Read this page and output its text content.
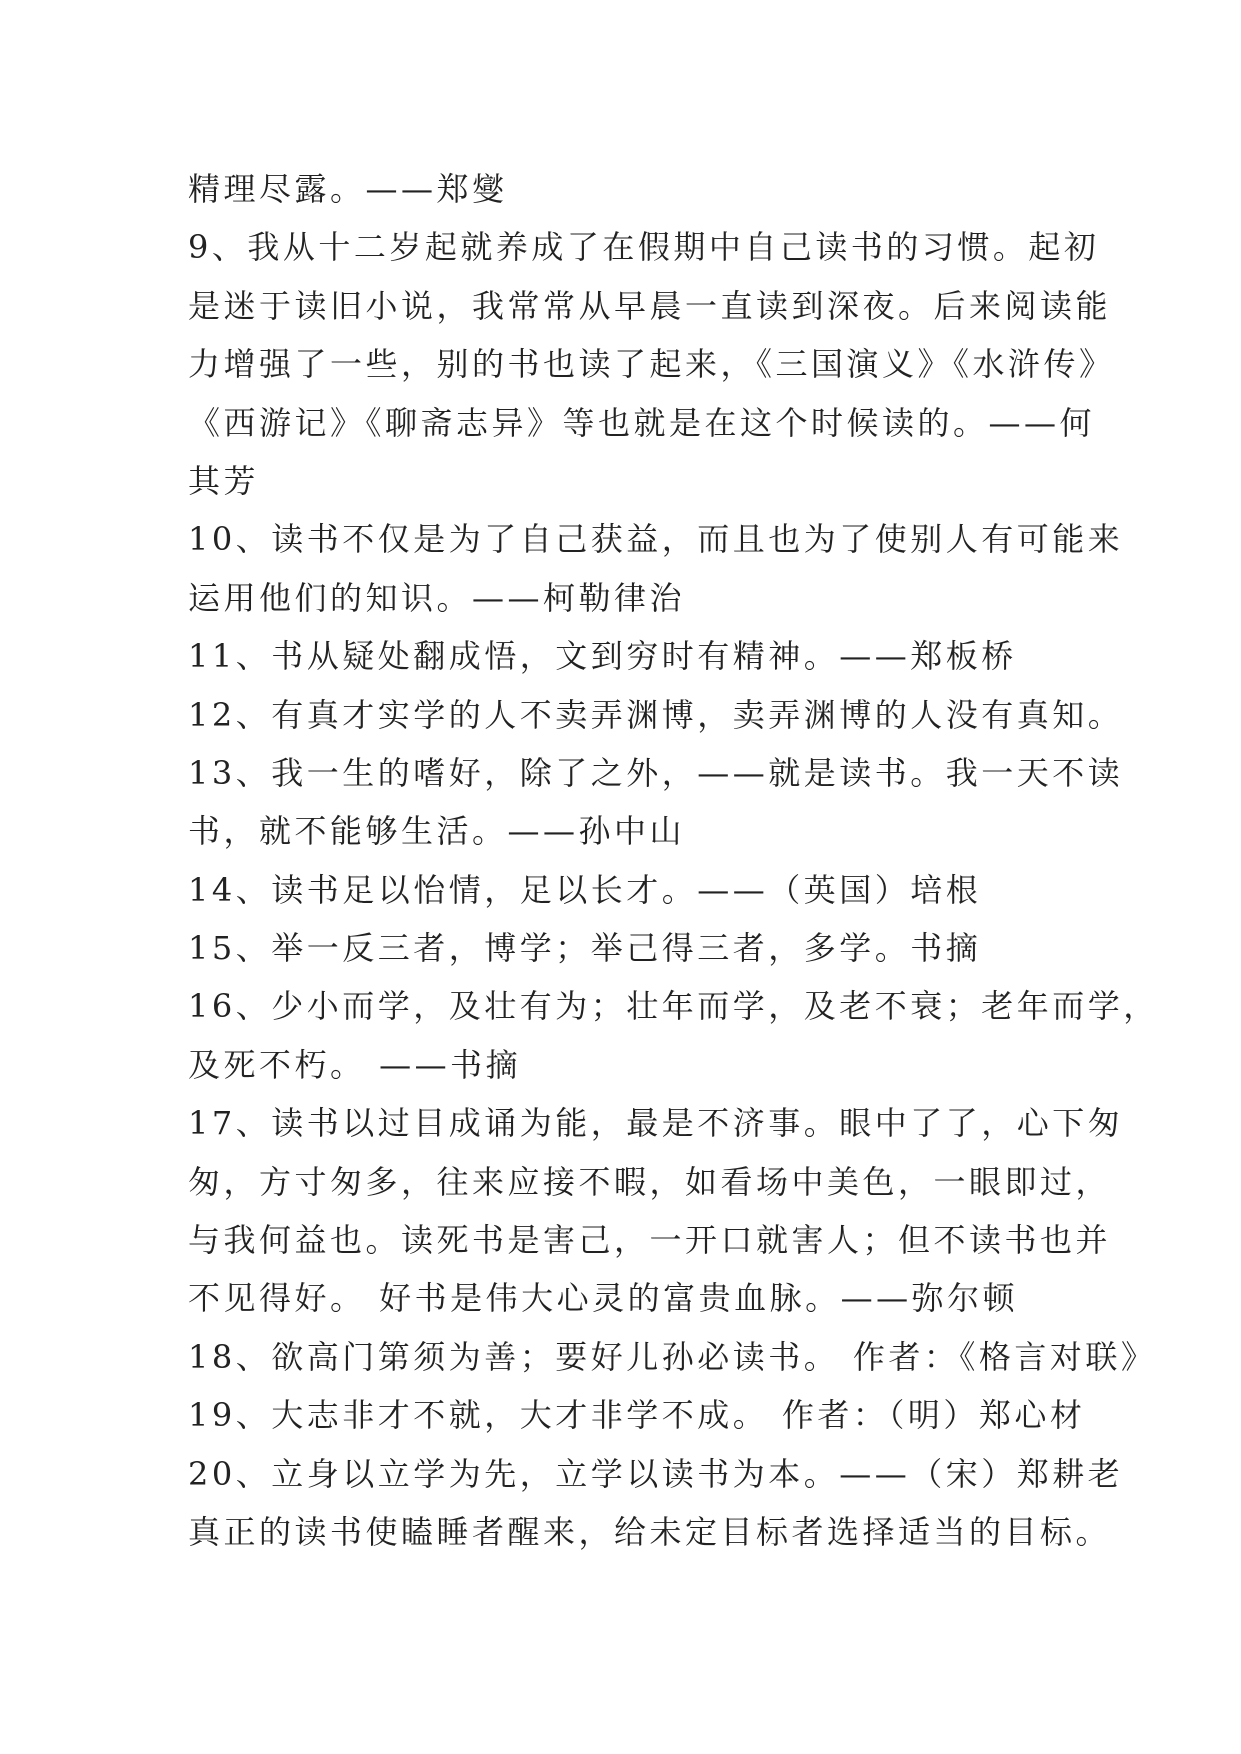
精理尽露。——郑燮
9、我从十二岁起就养成了在假期中自己读书的习惯。起初
是迷于读旧小说，我常常从早晨一直读到深夜。后来阅读能
力增强了一些，别的书也读了起来，《三国演义》《水浒传》
《西游记》《聊斋志异》等也就是在这个时候读的。——何
其芳
10、读书不仅是为了自己获益，而且也为了使别人有可能来
运用他们的知识。——柯勒律治
11、书从疑处翻成悟，文到穷时有精神。——郑板桥
12、有真才实学的人不卖弄渊博，卖弄渊博的人没有真知。
13、我一生的嗜好，除了之外，——就是读书。我一天不读
书，就不能够生活。——孙中山
14、读书足以怡情，足以长才。——（英国）培根
15、举一反三者，博学；举己得三者，多学。书摘
16、少小而学，及壮有为；壮年而学，及老不衰；老年而学，
及死不朽。 ——书摘
17、读书以过目成诵为能，最是不济事。眼中了了，心下匆
匆，方寸匆多，往来应接不暇，如看场中美色，一眼即过，
与我何益也。读死书是害己，一开口就害人；但不读书也并
不见得好。 好书是伟大心灵的富贵血脉。——弥尔顿
18、欲高门第须为善；要好儿孙必读书。 作者：《格言对联》
19、大志非才不就，大才非学不成。 作者：（明）郑心材
20、立身以立学为先，立学以读书为本。——（宋）郑耕老
真正的读书使瞌睡者醒来，给未定目标者选择适当的目标。
